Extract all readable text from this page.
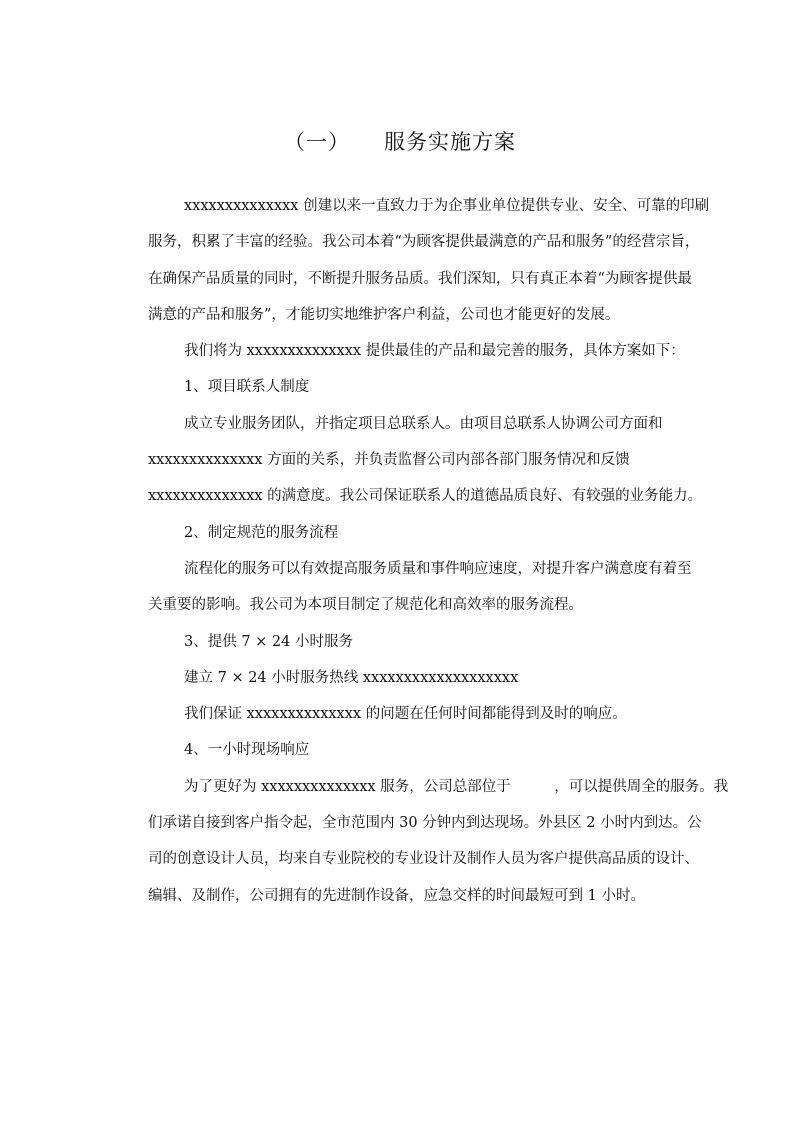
（一） 服务实施方案
xxxxxxxxxxxxxx 创建以来一直致力于为企事业单位提供专业、安全、可靠的印刷
服务，积累了丰富的经验。我公司本着“为顾客提供最满意的产品和服务”的经营宗旨，
在确保产品质量的同时，不断提升服务品质。我们深知，只有真正本着“为顾客提供最
满意的产品和服务”，才能切实地维护客户利益，公司也才能更好的发展。
我们将为 xxxxxxxxxxxxxx 提供最佳的产品和最完善的服务，具体方案如下：
1、项目联系人制度
成立专业服务团队，并指定项目总联系人。由项目总联系人协调公司方面和
xxxxxxxxxxxxxx 方面的关系，并负责监督公司内部各部门服务情况和反馈
xxxxxxxxxxxxxx 的满意度。我公司保证联系人的道德品质良好、有较强的业务能力。
2、制定规范的服务流程
流程化的服务可以有效提高服务质量和事件响应速度，对提升客户满意度有着至
关重要的影响。我公司为本项目制定了规范化和高效率的服务流程。
3、提供 7 × 24 小时服务
建立 7 × 24 小时服务热线 xxxxxxxxxxxxxxxxxxx
我们保证 xxxxxxxxxxxxxx 的问题在任何时间都能得到及时的响应。
4、一小时现场响应
为了更好为 xxxxxxxxxxxxxx 服务，公司总部位于　　　，可以提供周全的服务。我
们承诺自接到客户指令起，全市范围内 30 分钟内到达现场。外县区 2 小时内到达。公
司的创意设计人员，均来自专业院校的专业设计及制作人员为客户提供高品质的设计、
编辑、及制作，公司拥有的先进制作设备，应急交样的时间最短可到 1 小时。
